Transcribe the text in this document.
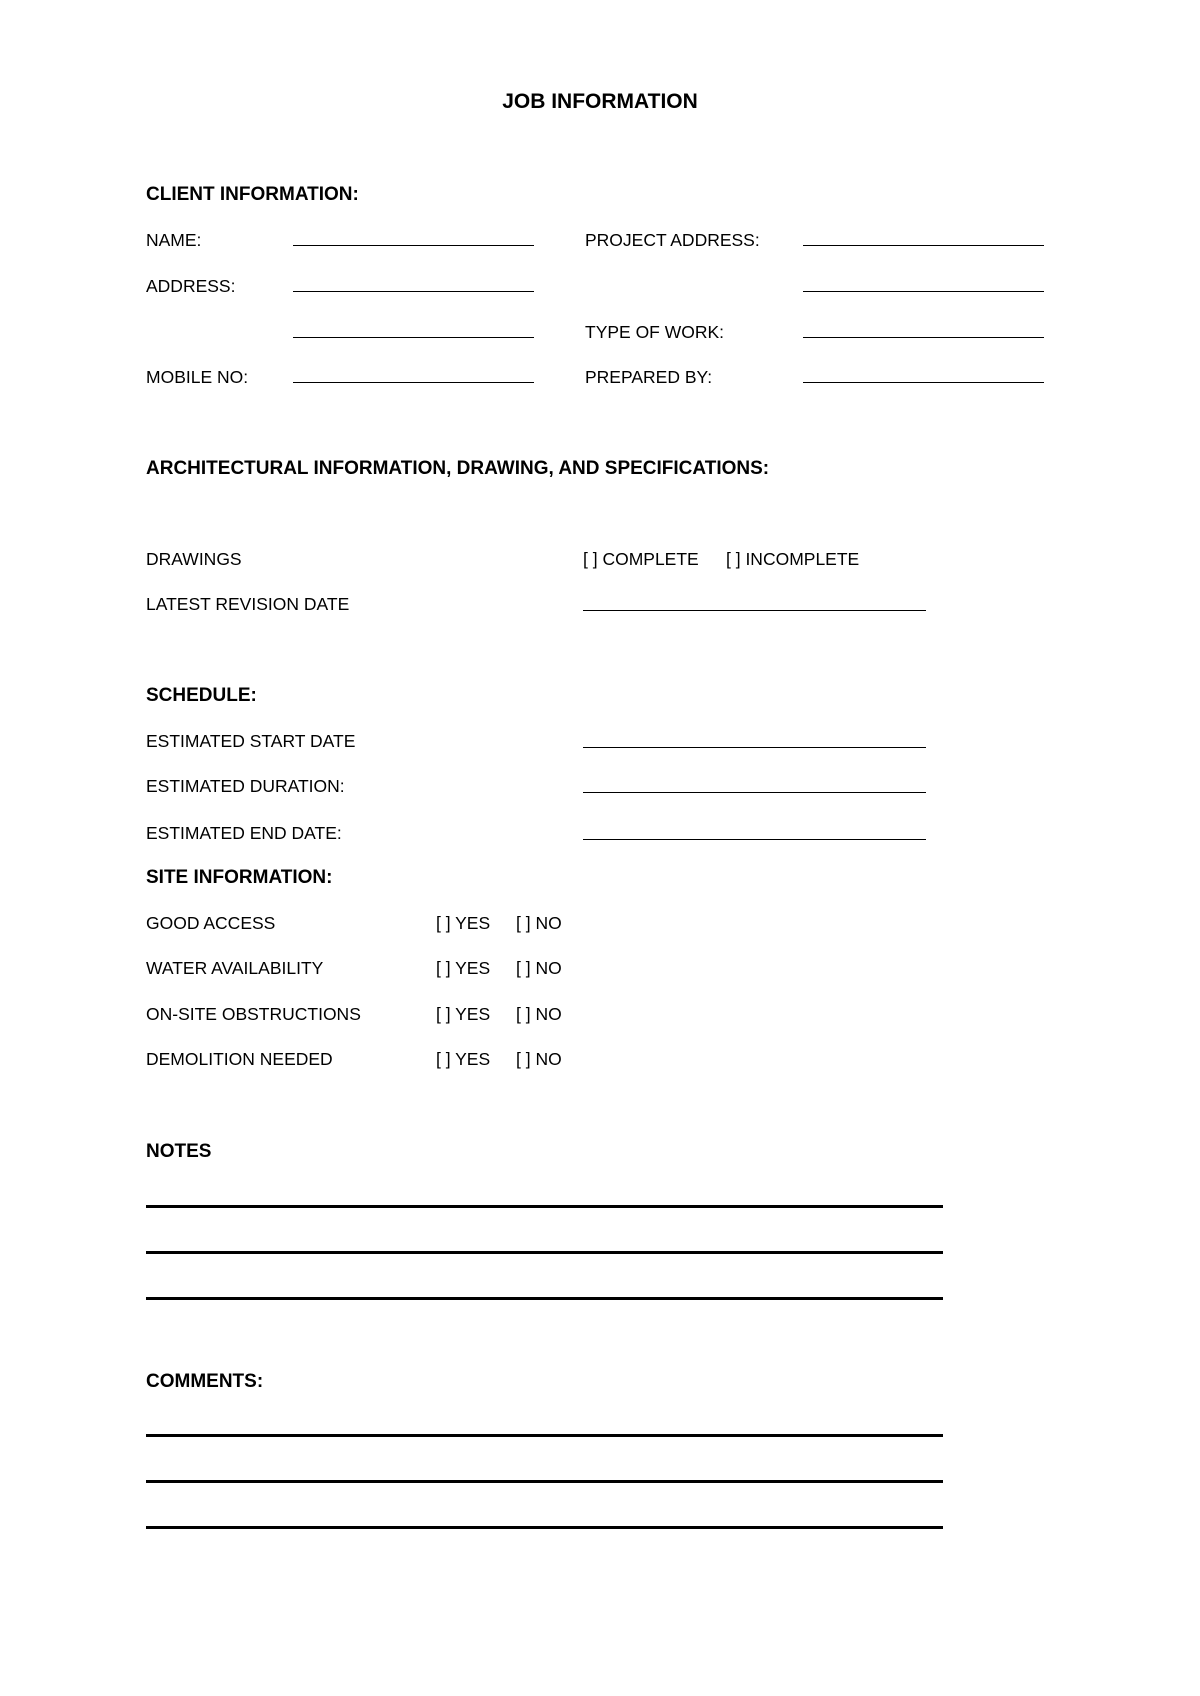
JOB INFORMATION
CLIENT INFORMATION:
NAME:	PROJECT ADDRESS:
ADDRESS:
TYPE OF WORK:
MOBILE NO:	PREPARED BY:
ARCHITECTURAL INFORMATION, DRAWING, AND SPECIFICATIONS:
DRAWINGS	[ ] COMPLETE [ ] INCOMPLETE
LATEST REVISION DATE
SCHEDULE:
ESTIMATED START DATE
ESTIMATED DURATION:
ESTIMATED END DATE:
SITE INFORMATION:
GOOD ACCESS	[ ] YES [ ] NO
WATER AVAILABILITY	[ ] YES [ ] NO
ON-SITE OBSTRUCTIONS	[ ] YES [ ] NO
DEMOLITION NEEDED	[ ] YES [ ] NO
NOTES
COMMENTS:
